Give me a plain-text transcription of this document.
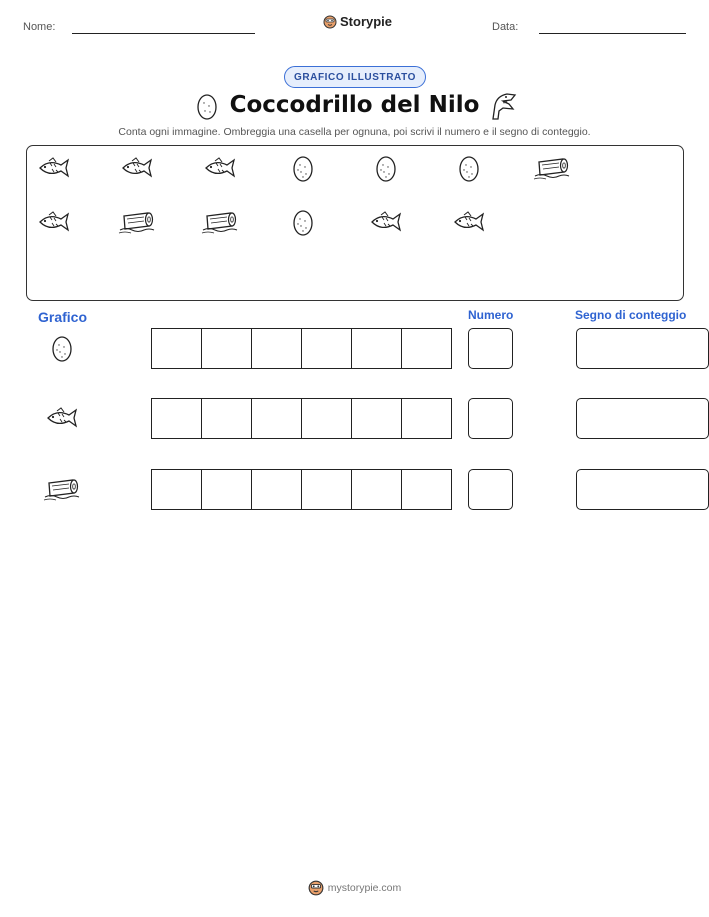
Nome:	Storypie	Data:
GRAFICO ILLUSTRATO
Coccodrillo del Nilo
Conta ogni immagine. Ombreggia una casella per ognuna, poi scrivi il numero e il segno di conteggio.
Grafico	Numero	Segno di conteggio
mystorypie.com
